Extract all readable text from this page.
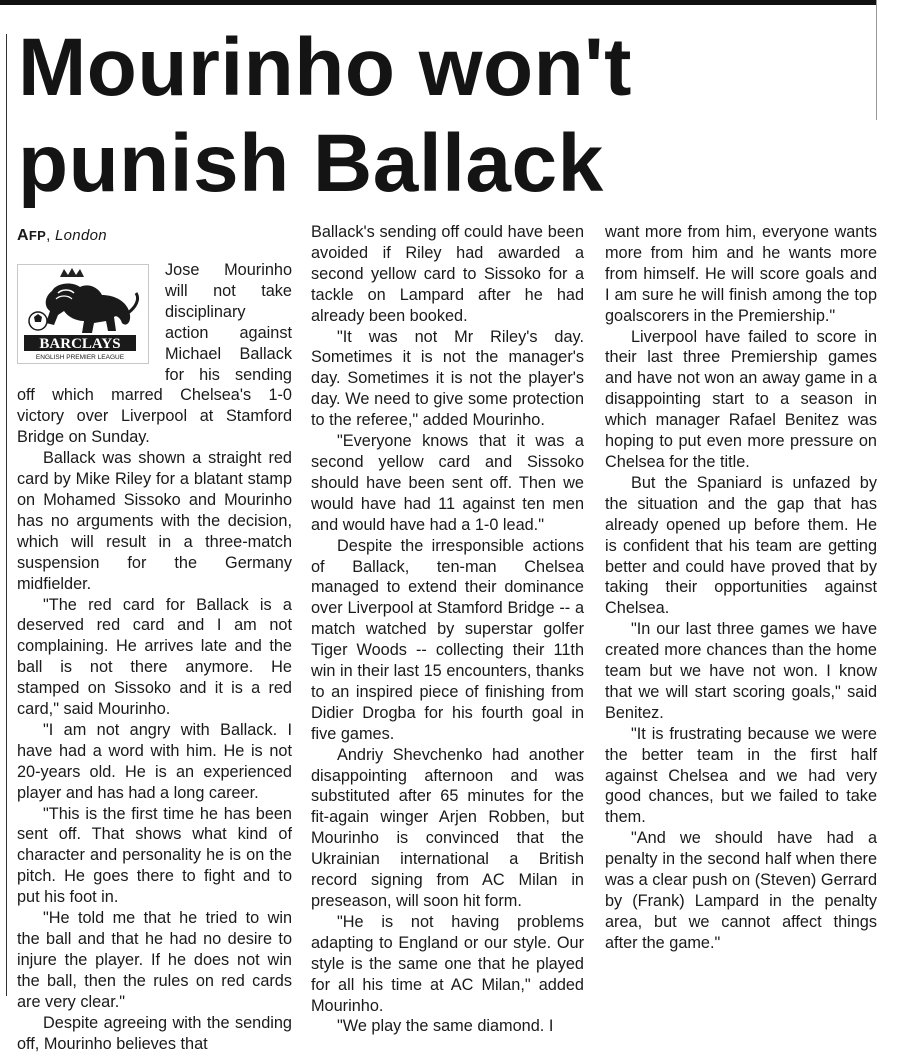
Mourinho won't punish Ballack
AFP, London
BARCLAYS
ENGLISH PREMIER LEAGUE

Jose Mourinho will not take disciplinary action against Michael Ballack for his sending off which marred Chelsea's 1-0 victory over Liverpool at Stamford Bridge on Sunday.

Ballack was shown a straight red card by Mike Riley for a blatant stamp on Mohamed Sissoko and Mourinho has no arguments with the decision, which will result in a three-match suspension for the Germany midfielder.

"The red card for Ballack is a deserved red card and I am not complaining. He arrives late and the ball is not there anymore. He stamped on Sissoko and it is a red card," said Mourinho.

"I am not angry with Ballack. I have had a word with him. He is not 20-years old. He is an experienced player and has had a long career.

"This is the first time he has been sent off. That shows what kind of character and personality he is on the pitch. He goes there to fight and to put his foot in.

"He told me that he tried to win the ball and that he had no desire to injure the player. If he does not win the ball, then the rules on red cards are very clear."

Despite agreeing with the sending off, Mourinho believes that

Ballack's sending off could have been avoided if Riley had awarded a second yellow card to Sissoko for a tackle on Lampard after he had already been booked.

"It was not Mr Riley's day. Sometimes it is not the manager's day. Sometimes it is not the player's day. We need to give some protection to the referee," added Mourinho.

"Everyone knows that it was a second yellow card and Sissoko should have been sent off. Then we would have had 11 against ten men and would have had a 1-0 lead."

Despite the irresponsible actions of Ballack, ten-man Chelsea managed to extend their dominance over Liverpool at Stamford Bridge -- a match watched by superstar golfer Tiger Woods -- collecting their 11th win in their last 15 encounters, thanks to an inspired piece of finishing from Didier Drogba for his fourth goal in five games.

Andriy Shevchenko had another disappointing afternoon and was substituted after 65 minutes for the fit-again winger Arjen Robben, but Mourinho is convinced that the Ukrainian international a British record signing from AC Milan in preseason, will soon hit form.

"He is not having problems adapting to England or our style. Our style is the same one that he played for all his time at AC Milan," added Mourinho.

"We play the same diamond. I

want more from him, everyone wants more from him and he wants more from himself. He will score goals and I am sure he will finish among the top goalscorers in the Premiership."

Liverpool have failed to score in their last three Premiership games and have not won an away game in a disappointing start to a season in which manager Rafael Benitez was hoping to put even more pressure on Chelsea for the title.

But the Spaniard is unfazed by the situation and the gap that has already opened up before them. He is confident that his team are getting better and could have proved that by taking their opportunities against Chelsea.

"In our last three games we have created more chances than the home team but we have not won. I know that we will start scoring goals," said Benitez.

"It is frustrating because we were the better team in the first half against Chelsea and we had very good chances, but we failed to take them.

"And we should have had a penalty in the second half when there was a clear push on (Steven) Gerrard by (Frank) Lampard in the penalty area, but we cannot affect things after the game."
